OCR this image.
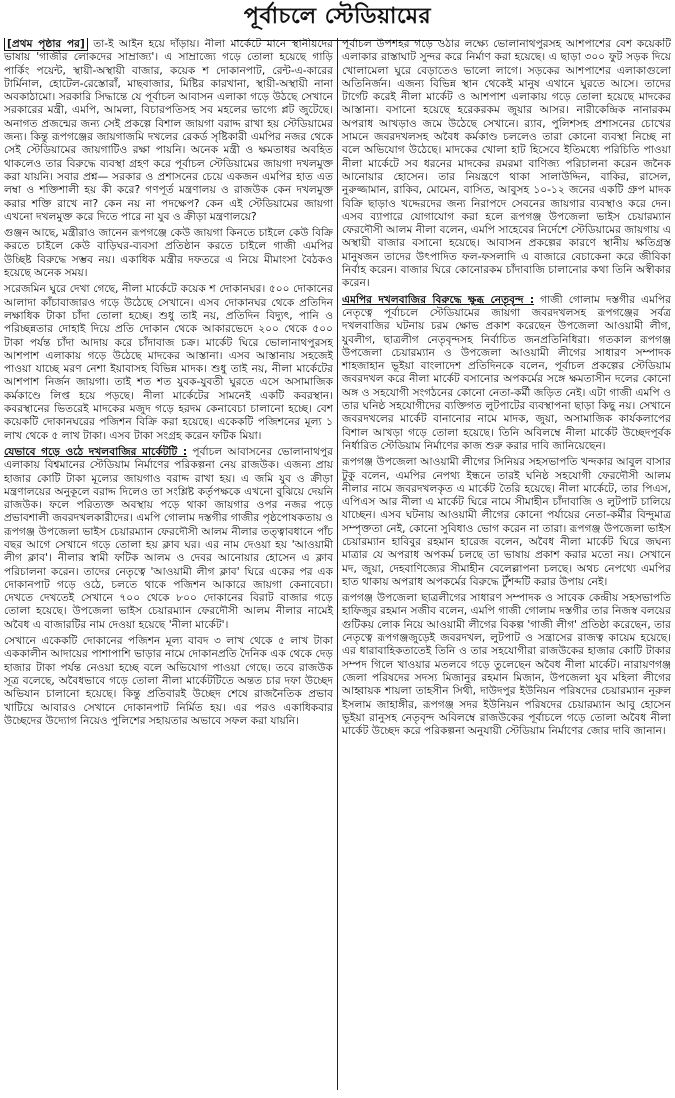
পূর্বাচলে স্টেডিয়ামের

[প্রথম পৃষ্ঠার পর] তা-ই আইন হয়ে দাঁড়ায়। নীলা মার্কেটে মানে স্থানীয়দের ভাষায় 'গাজীর লোকদের সাম্রাজ্য'। এ সাম্রাজ্যে গড়ে তোলা হয়েছে গাড়ি পার্কিং পয়েন্ট, স্থায়ী-অস্থায়ী বাজার, কয়েক শ দোকানপাট, রেন্ট-এ-কারের টার্মিনাল, হোটেল-রেস্তোরাঁ, মাছবাজার, মিষ্টির কারখানা, স্থায়ী-অস্থায়ী নানা অবকাঠামো। সরকারি সিদ্ধান্তে যে পূর্বাচল আবাসন এলাকা গড়ে উঠছে সেখানে সরকারের মন্ত্রী, এমপি, আমলা, বিচারপতিসহ সব মহলের ভাগ্যে প্লট জুটেছে। অনাগত প্রজন্মের জন্য সেই প্রকল্পে বিশাল জায়গা বরাদ্দ রাখা হয় স্টেডিয়ামের জন্য। কিন্তু রূপগঞ্জের জায়গাজমি দখলের রেকর্ড সৃষ্টিকারী এমপির নজর থেকে সেই স্টেডিয়ামের জায়গাটিও রক্ষা পায়নি। অনেক মন্ত্রী ও ক্ষমতাধর অবহিত থাকলেও তার বিরুদ্ধে ব্যবস্থা গ্রহণ করে পূর্বাচল স্টেডিয়ামের জায়গা দখলমুক্ত করা যায়নি। সবার প্রশ্ন— সরকার ও প্রশাসনের চেয়ে একজন এমপির হাত এত লম্বা ও শক্তিশালী হয় কী করে? গণপূর্ত মন্ত্রণালয় ও রাজউক কেন দখলমুক্ত করার শক্তি রাখে না? কেন নয় না পদক্ষেপ? কেন এই স্টেডিয়ামের জায়গা এখনো দখলমুক্ত করে দিতে পারে না যুব ও ক্রীড়া মন্ত্রণালয়ে?

গুঞ্জন আছে, মন্ত্রীরাও জানেন রূপগঞ্জে কেউ জায়গা কিনতে চাইলে কেউ বিক্রি করতে চাইলে কেউ বাড়িঘর-ব্যবসা প্রতিষ্ঠান করতে চাইলে গাজী এমপির উচ্ছিষ্ট বিরুদ্ধে সম্ভব নয়। একাধিক মন্ত্রীর দফতরে এ নিয়ে মীমাংসা বৈঠকও হয়েছে অনেক সময়।

সরেজমিন ঘুরে দেখা গেছে, নীলা মার্কেটে কয়েক শ দোকানঘর। ৫০০ দোকানের আলাদা কাঁচাবাজারও গড়ে উঠেছে সেখানে। এসব দোকানঘর থেকে প্রতিদিন লক্ষাধিক টাকা চাঁদা তোলা হচ্ছে। শুধু তাই নয়, প্রতিদিন বিদ্যুৎ, পানি ও পরিচ্ছন্নতার দোহাই দিয়ে প্রতি দোকান থেকে আকারভেদে ২০০ থেকে ৫০০ টাকা পর্যন্ত চাঁদা আদায় করে চাঁদাবাজ চক্র। মার্কেট ঘিরে ভোলানাথপুরসহ আশপাশ এলাকায় গড়ে উঠেছে মাদকের আস্তানা। এসব আস্তানায় সহজেই পাওয়া যাচ্ছে মরণ নেশা ইয়াবাসহ বিভিন্ন মাদক। শুধু তাই নয়, নীলা মার্কেটের আশপাশ নির্জন জায়গা। তাই শত শত যুবক-যুবতী ঘুরতে এসে অসামাজিক কর্মকাণ্ডে লিপ্ত হয়ে পড়ছে। নীলা মার্কেটের সামনেই একটি কবরস্থান। কবরস্থানের ভিতরেই মাদকের মজুদ গড়ে হরদম কেনাবেচা চালানো হচ্ছে। বেশ কয়েকটি দোকানঘরের পজিশন বিক্রি করা হয়েছে। একেকটি পজিশনের মূল্য ১ লাখ থেকে ৫ লাখ টাকা। এসব টাকা সংগ্রহ করেন ফটিক মিয়া।

যেভাবে গড়ে ওঠে দখলবাজির মার্কেটটি : পূর্বাচল আবাসনের ভোলানাথপুর এলাকায় বিশ্বমানের স্টেডিয়াম নির্মাণের পরিকল্পনা নেয় রাজউক। এজন্য প্রায় হাজার কোটি টাকা মূল্যের জায়গাও বরাদ্দ রাখা হয়। এ জমি যুব ও ক্রীড়া মন্ত্রণালয়ের অনুকূলে বরাদ্দ দিলেও তা সংশ্লিষ্ট কর্তৃপক্ষকে এখনো বুঝিয়ে দেয়নি রাজউক। ফলে পরিত্যক্ত অবস্থায় পড়ে থাকা জায়গার ওপর নজর পড়ে প্রভাবশালী জবরদখলকারীদের। এমপি গোলাম দস্তগীর গাজীর পৃষ্ঠপোষকতায় ও রূপগঞ্জ উপজেলা ভাইস চেয়ারম্যান ফেরদৌসী আলম নীলার তত্ত্বাবধানে পাঁচ বছর আগে সেখানে গড়ে তোলা হয় ক্লাব ঘর। এর নাম দেওয়া হয় 'আওয়ামী লীগ ক্লাব'। নীলার স্বামী ফটিক আলম ও দেবর আনোয়ার হোসেন এ ক্লাব পরিচালনা করেন। তাদের নেতৃত্বে 'আওয়ামী লীগ ক্লাব' ঘিরে একের পর এক দোকানপাট গড়ে ওঠে, চলতে থাকে পজিশন আকারে জায়গা কেনাবেচা। দেখতে দেখতেই সেখানে ৭০০ থেকে ৮০০ দোকানের বিরাট বাজার গড়ে তোলা হয়েছে। উপজেলা ভাইস চেয়ারম্যান ফেরদৌসী আলম নীলার নামেই অবৈধ এ বাজারটির নাম দেওয়া হয়েছে 'নীলা মার্কেট'।

সেখানে একেকটি দোকানের পজিশন মূল্য বাবদ ৩ লাখ থেকে ৫ লাখ টাকা এককালীন আদায়ের পাশাপাশি ভাড়ার নামে দোকানপ্রতি দৈনিক এক থেকে দেড় হাজার টাকা পর্যন্ত নেওয়া হচ্ছে বলে অভিযোগ পাওয়া গেছে। তবে রাজউক সূত্র বলেছে, অবৈধভাবে গড়ে তোলা নীলা মার্কেটটিতে অন্তত চার দফা উচ্ছেদ অভিযান চালানো হয়েছে। কিন্তু প্রতিবারই উচ্ছেদ শেষে রাজনৈতিক প্রভাব খাটিয়ে আবারও সেখানে দোকানপাট নির্মিত হয়। এর পরও একাধিকবার উচ্ছেদের উদ্যোগ নিয়েও পুলিশের সহায়তার অভাবে সফল করা যায়নি।

পূর্বাচল উপশহর গড়ে ওঠার লক্ষ্যে ভোলানাথপুরসহ আশপাশের বেশ কয়েকটি এলাকার রাস্তাঘাট সুন্দর করে নির্মাণ করা হয়েছে। এ ছাড়া ৩০০ ফুট সড়ক দিয়ে খোলামেলা ঘুরে বেড়াতেও ভালো লাগে। সড়কের আশপাশের এলাকাগুলো অতিনির্জন। এজন্য বিভিন্ন স্থান থেকেই মানুষ এখানে ঘুরতে আসে। তাদের টার্গেট করেই নীলা মার্কেট ও আশপাশ এলাকায় গড়ে তোলা হয়েছে মাদকের আস্তানা। বসানো হয়েছে হরেকরকম জুয়ার আসর। নারীকেন্দ্রিক নানারকম অপরাধ আখড়াও জমে উঠেছে সেখানে। র‌্যাব, পুলিশসহ প্রশাসনের চোখের সামনে জবরদখলসহ অবৈধ কর্মকাণ্ড চললেও তারা কোনো ব্যবস্থা নিচ্ছে না বলে অভিযোগ উঠেছে। মাদকের খোলা হাট হিসেবে ইতিমধ্যে পরিচিতি পাওয়া নীলা মার্কেটে সব ধরনের মাদকের রমরমা বাণিজ্য পরিচালনা করেন জনৈক আনোয়ার হোসেন। তার নিয়ন্ত্রণে থাকা সালাউদ্দিন, বাকির, রাসেল, নুরুজ্জামান, রাকিব, মোমেন, বাসিত, আবুসহ ১০-১২ জনের একটি গ্রুপ মাদক বিক্রি ছাড়াও খদ্দেরদের জন্য নিরাপদে সেবনের জায়গার ব্যবস্থাও করে দেন। এসব ব্যাপারে যোগাযোগ করা হলে রূপগঞ্জ উপজেলা ভাইস চেয়ারম্যান ফেরদৌসী আলম নীলা বলেন, এমপি সাহেবের নির্দেশে স্টেডিয়ামের জায়গায় এ অস্থায়ী বাজার বসানো হয়েছে। আবাসন প্রকল্পের কারণে স্থানীয় ক্ষতিগ্রস্ত মানুষজন তাদের উৎপাদিত ফল-ফসলাদি এ বাজারে বেচাকেনা করে জীবিকা নির্বাহ করেন। বাজার ঘিরে কোনোরকম চাঁদাবাজি চালানোর কথা তিনি অস্বীকার করেন।

এমপির দখলবাজির বিরুদ্ধে ক্ষুব্ধ নেতৃবৃন্দ : গাজী গোলাম দস্তগীর এমপির নেতৃত্বে পূর্বাচলে স্টেডিয়ামের জায়গা জবরদখলসহ রূপগঞ্জের সর্বত্র দখলবাজির ঘটনায় চরম ক্ষোভ প্রকাশ করেছেন উপজেলা আওয়ামী লীগ, যুবলীগ, ছাত্রলীগ নেতৃবৃন্দসহ নির্বাচিত জনপ্রতিনিধিরা। গতকাল রূপগঞ্জ উপজেলা চেয়ারম্যান ও উপজেলা আওয়ামী লীগের সাধারণ সম্পাদক শাহজাহান ভূইয়া বাংলাদেশ প্রতিদিনকে বলেন, পূর্বাচল প্রকল্পের স্টেডিয়াম জবরদখল করে নীলা মার্কেট বসানোর অপকর্মের সঙ্গে ক্ষমতাসীন দলের কোনো অঙ্গ ও সহযোগী সংগঠনের কোনো নেতা-কর্মী জড়িত নেই। এটা গাজী এমপি ও তার ঘনিষ্ঠ সহযোগীদের ব্যক্তিগত লুটপাটের ব্যবস্থাপনা ছাড়া কিছু নয়। সেখানে জবরদখলের মার্কেট বানানোর নামে মাদক, জুয়া, অসামাজিক কার্যকলাপের বিশাল আখড়া গড়ে তোলা হয়েছে। তিনি অবিলম্বে নীলা মার্কেট উচ্ছেদপূর্বক নির্ধারিত স্টেডিয়াম নির্মাণের কাজ শুরু করার দাবি জানিয়েছেন।

রূপগঞ্জ উপজেলা আওয়ামী লীগের সিনিয়র সহসভাপতি খন্দকার আবুল বাসার টুকু বলেন, এমপির নেপথ্য ইন্ধনে তারই ঘনিষ্ঠ সহযোগী ফেরদৌসী আলম নীলার নামে জবরদখলকৃত এ মার্কেট তৈরি হয়েছে। নীলা মার্কেটে, তার পিএস, এপিএস আর নীলা এ মার্কেট ঘিরে নামে সীমাহীন চাঁদাবাজি ও লুটপাট চালিয়ে যাচ্ছেন। এসব ঘটনায় আওয়ামী লীগের কোনো পর্যায়ের নেতা-কর্মীর বিন্দুমাত্র সম্পৃক্ততা নেই, কোনো সুবিধাও ভোগ করেন না তারা। রূপগঞ্জ উপজেলা ভাইস চেয়ারম্যান হাবিবুর রহমান হারেজ বলেন, অবৈধ নীলা মার্কেট ঘিরে জঘন্য মাত্রার যে অপরাধ অপকর্ম চলছে তা ভাষায় প্রকাশ করার মতো নয়। সেখানে মদ, জুয়া, দেহবাণিজ্যের সীমাহীন বেলেল্লাপনা চলছে। অথচ নেপথ্যে এমপির হাত থাকায় অপরাধ অপকর্মের বিরুদ্ধে টুঁশব্দটি করার উপায় নেই।

রূপগঞ্জ উপজেলা ছাত্রলীগের সাধারণ সম্পাদক ও সাবেক কেন্দ্রীয় সহসভাপতি হাফিজুর রহমান সজীব বলেন, এমপি গাজী গোলাম দস্তগীর তার নিজস্ব বলয়ের গুটিকয় লোক নিয়ে আওয়ামী লীগের বিকল্প 'গাজী লীগ' প্রতিষ্ঠা করেছেন, তার নেতৃত্বে রূপগঞ্জজুড়েই জবরদখল, লুটপাট ও সন্ত্রাসের রাজত্ব কায়েম হয়েছে। এর ধারাবাহিকতাতেই তিনি ও তার সহযোগীরা রাজউকের হাজার কোটি টাকার সম্পদ গিলে খাওয়ার মতলবে গড়ে তুলেছেন অবৈধ নীলা মার্কেট। নারায়ণগঞ্জ জেলা পরিষদের সদস্য মিজানুর রহমান মিজান, উপজেলা যুব মহিলা লীগের আহ্বায়ক শায়লা তাহসীন সিথী, দাউদপুর ইউনিয়ন পরিষদের চেয়ারম্যান নূরুল ইসলাম জাহাঙ্গীর, রূপগঞ্জ সদর ইউনিয়ন পরিষদের চেয়ারম্যান আবু হোসেন ভূইয়া রানুসহ নেতৃবৃন্দ অবিলম্বে রাজউকের পূর্বাচলে গড়ে তোলা অবৈধ নীলা মার্কেট উচ্ছেদ করে পরিকল্পনা অনুযায়ী স্টেডিয়াম নির্মাণের জোর দাবি জানান।
